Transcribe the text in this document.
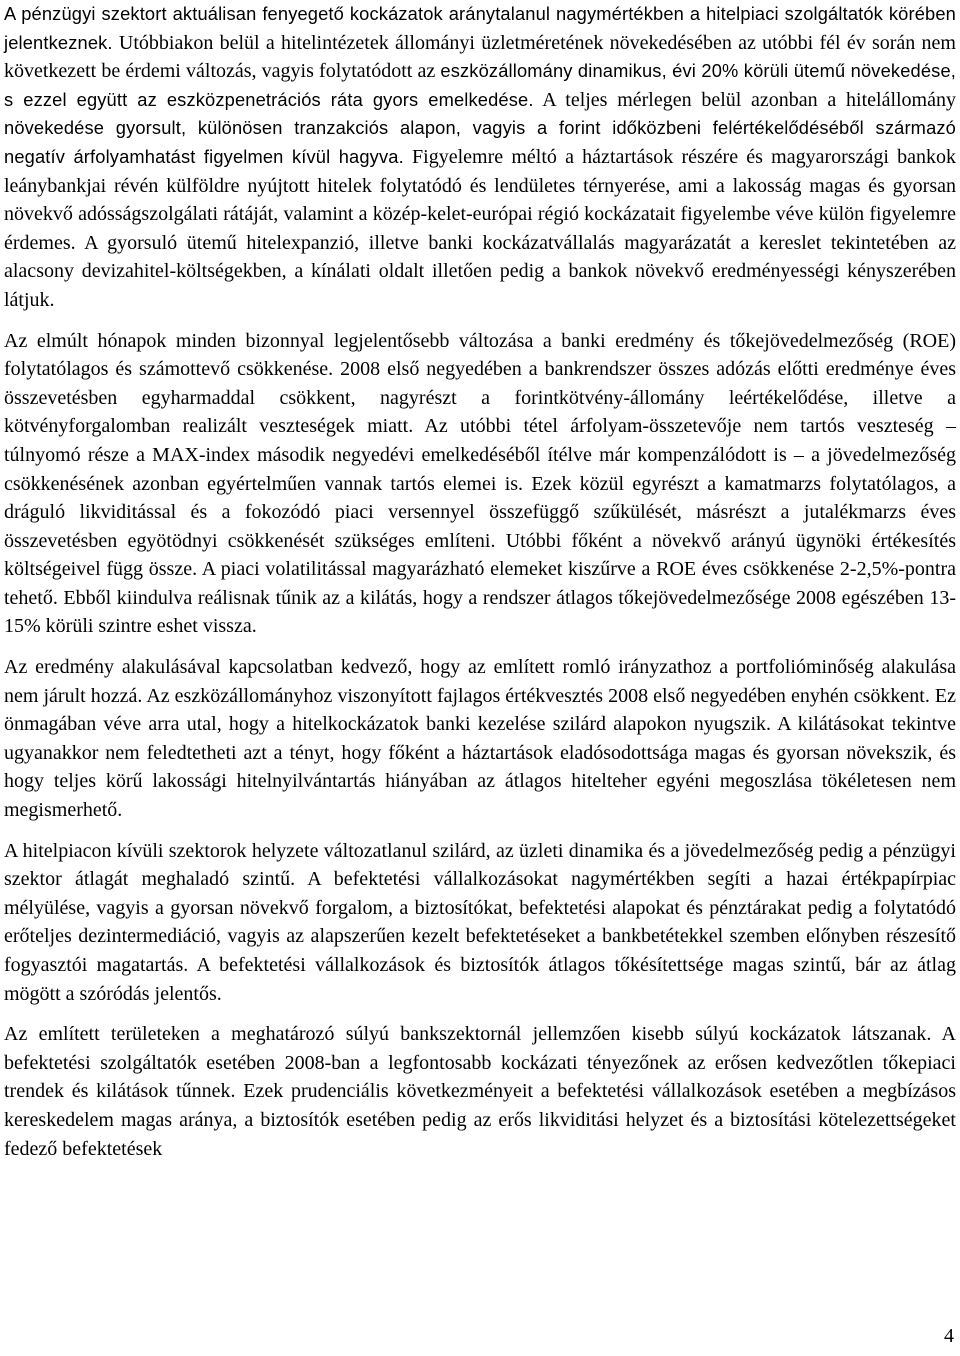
A pénzügyi szektort aktuálisan fenyegető kockázatok aránytalanul nagymértékben a hitelpiaci szolgáltatók körében jelentkeznek. Utóbbiakon belül a hitelintézetek állományi üzletméretének növekedésében az utóbbi fél év során nem következett be érdemi változás, vagyis folytatódott az eszközállomány dinamikus, évi 20% körüli ütemű növekedése, s ezzel együtt az eszközpenetrációs ráta gyors emelkedése. A teljes mérlegen belül azonban a hitelállomány növekedése gyorsult, különösen tranzakciós alapon, vagyis a forint időközbeni felértékelődéséből származó negatív árfolyamhatást figyelmen kívül hagyva. Figyelemre méltó a háztartások részére és magyarországi bankok leánybankjai révén külföldre nyújtott hitelek folytatódó és lendületes térnyerése, ami a lakosság magas és gyorsan növekvő adósságszolgálati rátáját, valamint a közép-kelet-európai régió kockázatait figyelembe véve külön figyelemre érdemes. A gyorsuló ütemű hitelexpanzió, illetve banki kockázatvállalás magyarázatát a kereslet tekintetében az alacsony devizahitel-költségekben, a kínálati oldalt illetően pedig a bankok növekvő eredményességi kényszerében látjuk.

Az elmúlt hónapok minden bizonnyal legjelentősebb változása a banki eredmény és tőkejövedelmezőség (ROE) folytatólagos és számottevő csökkenése. 2008 első negyedében a bankrendszer összes adózás előtti eredménye éves összevetésben egyharmaddal csökkent, nagyrészt a forintkötvény-állomány leértékelődése, illetve a kötvényforgalomban realizált veszteségek miatt. Az utóbbi tétel árfolyam-összetevője nem tartós veszteség – túlnyomó része a MAX-index második negyedévi emelkedéséből ítélve már kompenzálódott is – a jövedelmezőség csökkenésének azonban egyértelműen vannak tartós elemei is. Ezek közül egyrészt a kamatmarzs folytatólagos, a dráguló likviditással és a fokozódó piaci versennyel összefüggő szűkülését, másrészt a jutalékmarzs éves összevetésben egyötödnyi csökkenését szükséges említeni. Utóbbi főként a növekvő arányú ügynöki értékesítés költségeivel függ össze. A piaci volatilitással magyarázható elemeket kiszűrve a ROE éves csökkenése 2-2,5%-pontra tehető. Ebből kiindulva reálisnak tűnik az a kilátás, hogy a rendszer átlagos tőkejövedelmezősége 2008 egészében 13-15% körüli szintre eshet vissza.

Az eredmény alakulásával kapcsolatban kedvező, hogy az említett romló irányzathoz a portfolióminőség alakulása nem járult hozzá. Az eszközállományhoz viszonyított fajlagos értékvesztés 2008 első negyedében enyhén csökkent. Ez önmagában véve arra utal, hogy a hitelkockázatok banki kezelése szilárd alapokon nyugszik. A kilátásokat tekintve ugyanakkor nem feledtetheti azt a tényt, hogy főként a háztartások eladósodottsága magas és gyorsan növekszik, és hogy teljes körű lakossági hitelnyilvántartás hiányában az átlagos hitelteher egyéni megoszlása tökéletesen nem megismerhető.

A hitelpiacon kívüli szektorok helyzete változatlanul szilárd, az üzleti dinamika és a jövedelmezőség pedig a pénzügyi szektor átlagát meghaladó szintű. A befektetési vállalkozásokat nagymértékben segíti a hazai értékpapírpiac mélyülése, vagyis a gyorsan növekvő forgalom, a biztosítókat, befektetési alapokat és pénztárakat pedig a folytatódó erőteljes dezintermediáció, vagyis az alapszerűen kezelt befektetéseket a bankbetétekkel szemben előnyben részesítő fogyasztói magatartás. A befektetési vállalkozások és biztosítók átlagos tőkésítettsége magas szintű, bár az átlag mögött a szóródás jelentős.

Az említett területeken a meghatározó súlyú bankszektornál jellemzően kisebb súlyú kockázatok látszanak. A befektetési szolgáltatók esetében 2008-ban a legfontosabb kockázati tényezőnek az erősen kedvezőtlen tőkepiaci trendek és kilátások tűnnek. Ezek prudenciális következményeit a befektetési vállalkozások esetében a megbízásos kereskedelem magas aránya, a biztosítók esetében pedig az erős likviditási helyzet és a biztosítási kötelezettségeket fedező befektetések

4
